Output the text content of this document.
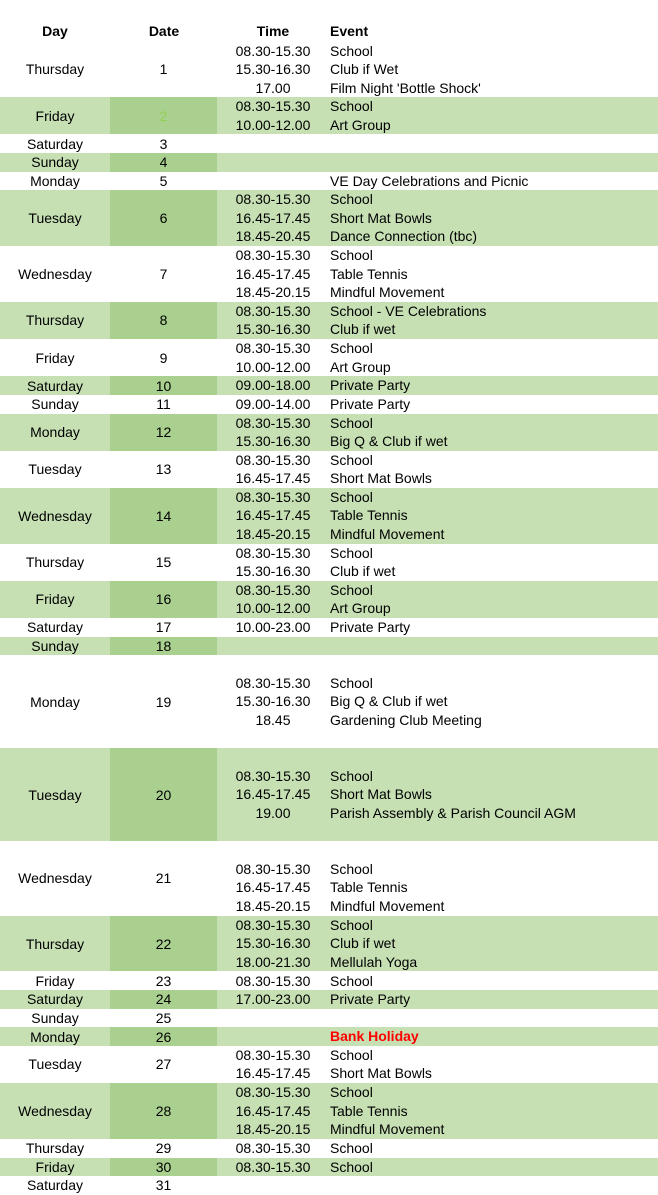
Day	Date	Time	Event
Thursday	1
08.30-15.30	School
15.30-16.30	Club if Wet
17.00	Film Night 'Bottle Shock'
Friday	2
08.30-15.30	School
10.00-12.00	Art Group
Saturday	3
Sunday	4
Monday	5	VE Day Celebrations and Picnic
Tuesday	6
08.30-15.30	School
16.45-17.45	Short Mat Bowls
18.45-20.45	Dance Connection (tbc)
Wednesday	7
08.30-15.30	School
16.45-17.45	Table Tennis
18.45-20.15	Mindful Movement
Thursday	8
08.30-15.30	School - VE Celebrations
15.30-16.30	Club if wet
Friday	9
08.30-15.30	School
10.00-12.00	Art Group
Saturday	10	09.00-18.00	Private Party
Sunday	11	09.00-14.00	Private Party
Monday	12
08.30-15.30	School
15.30-16.30	Big Q & Club if wet
Tuesday	13
08.30-15.30	School
16.45-17.45	Short Mat Bowls
Wednesday	14
08.30-15.30	School
16.45-17.45	Table Tennis
18.45-20.15	Mindful Movement
Thursday	15
08.30-15.30	School
15.30-16.30	Club if wet
Friday	16
08.30-15.30	School
10.00-12.00	Art Group
Saturday	17	10.00-23.00	Private Party
Sunday	18
Monday	19
08.30-15.30	School
15.30-16.30	Big Q & Club if wet
18.45	Gardening Club Meeting
Tuesday	20
08.30-15.30	School
16.45-17.45	Short Mat Bowls
19.00	Parish Assembly & Parish Council AGM
Wednesday	21
08.30-15.30	School
16.45-17.45	Table Tennis
18.45-20.15	Mindful Movement
Thursday	22
08.30-15.30	School
15.30-16.30	Club if wet
18.00-21.30	Mellulah Yoga
Friday	23	08.30-15.30	School
Saturday	24	17.00-23.00	Private Party
Sunday	25
Monday	26	Bank Holiday
Tuesday	27
08.30-15.30	School
16.45-17.45	Short Mat Bowls
Wednesday	28
08.30-15.30	School
16.45-17.45	Table Tennis
18.45-20.15	Mindful Movement
Thursday	29	08.30-15.30	School
Friday	30	08.30-15.30	School
Saturday	31
